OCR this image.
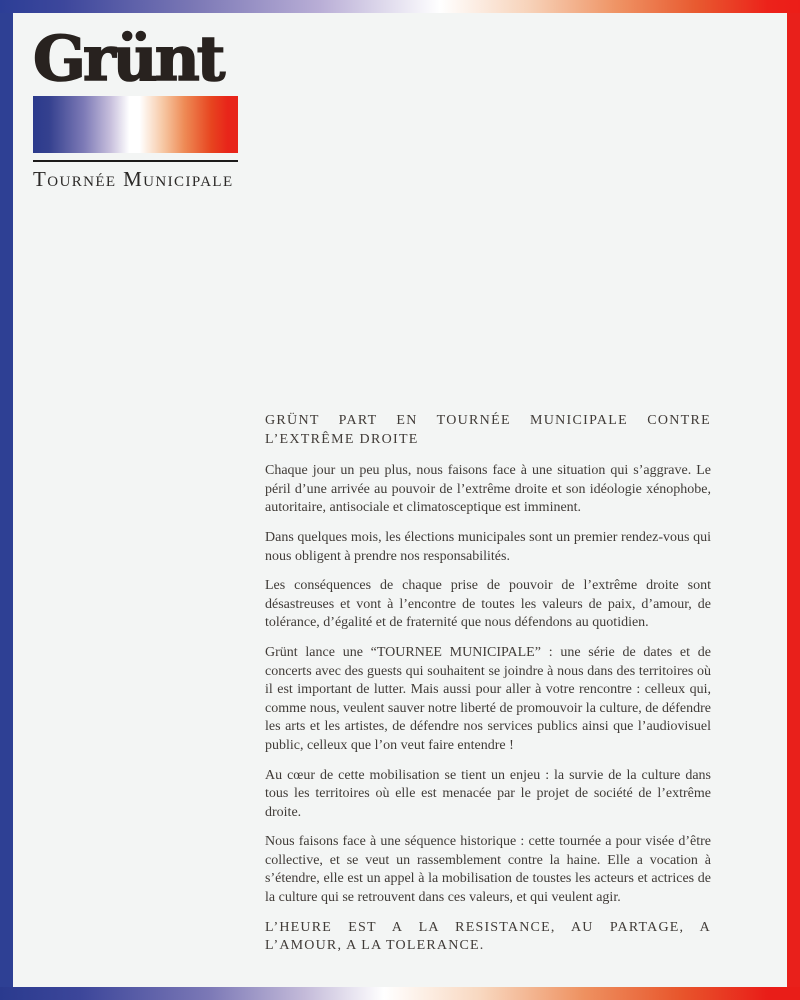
Grünt
Tournée Municipale
GRÜNT PART EN TOURNÉE MUNICIPALE CONTRE L’EXTRÊME DROITE

Chaque jour un peu plus, nous faisons face à une situation qui s’aggrave. Le péril d’une arrivée au pouvoir de l’extrême droite et son idéologie xénophobe, autoritaire, antisociale et climatosceptique est imminent.

Dans quelques mois, les élections municipales sont un premier rendez-vous qui nous obligent à prendre nos responsabilités.

Les conséquences de chaque prise de pouvoir de l’extrême droite sont désastreuses et vont à l’encontre de toutes les valeurs de paix, d’amour, de tolérance, d’égalité et de fraternité que nous défendons au quotidien.

Grünt lance une “TOURNEE MUNICIPALE” : une série de dates et de concerts avec des guests qui souhaitent se joindre à nous dans des territoires où il est important de lutter. Mais aussi pour aller à votre rencontre : celleux qui, comme nous, veulent sauver notre liberté de promouvoir la culture, de défendre les arts et les artistes, de défendre nos services publics ainsi que l’audiovisuel public, celleux que l’on veut faire entendre !

Au cœur de cette mobilisation se tient un enjeu : la survie de la culture dans tous les territoires où elle est menacée par le projet de société de l’extrême droite.

Nous faisons face à une séquence historique : cette tournée a pour visée d’être collective, et se veut un rassemblement contre la haine. Elle a vocation à s’étendre, elle est un appel à la mobilisation de toustes les acteurs et actrices de la culture qui se retrouvent dans ces valeurs, et qui veulent agir.

L’HEURE EST A LA RESISTANCE, AU PARTAGE, A L’AMOUR, A LA TOLERANCE.
